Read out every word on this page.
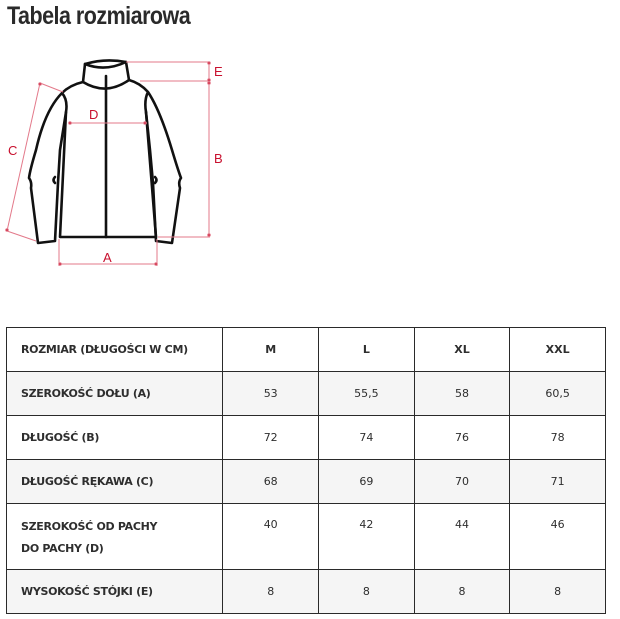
Tabela rozmiarowa
E
B
D
A
C
ROZMIAR (DŁUGOŚCI W CM)	M	L	XL	XXL
SZEROKOŚĆ DOŁU (A)	53	55,5	58	60,5
DŁUGOŚĆ (B)	72	74	76	78
DŁUGOŚĆ RĘKAWA (C)	68	69	70	71

SZEROKOŚĆ OD PACHY
DO PACHY (D)	40	42	44	46
WYSOKOŚĆ STÓJKI (E)	8	8	8	8
